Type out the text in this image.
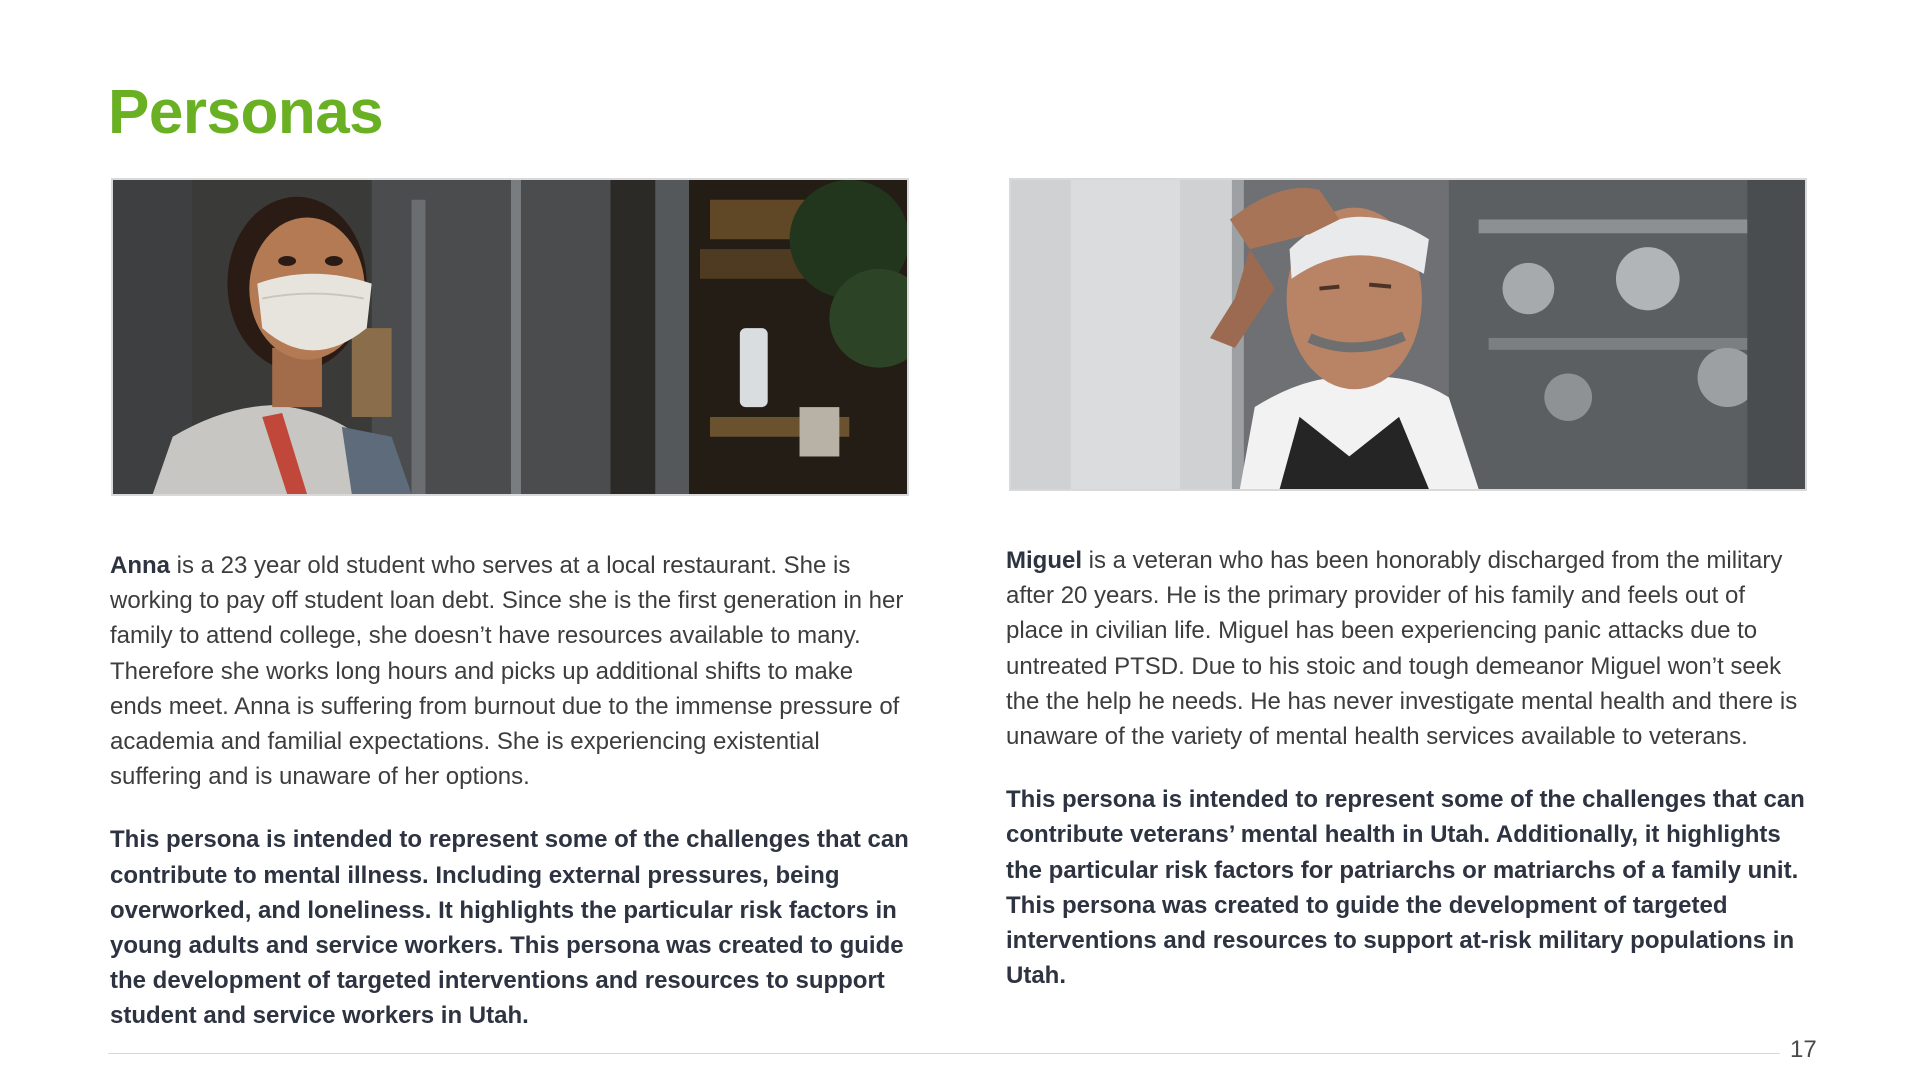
Personas

Anna is a 23 year old student who serves at a local restaurant. She is working to pay off student loan debt. Since she is the first generation in her family to attend college, she doesn’t have resources available to many. Therefore she works long hours and picks up additional shifts to make ends meet. Anna is suffering from burnout due to the immense pressure of academia and familial expectations. She is experiencing existential suffering and is unaware of her options.

This persona is intended to represent some of the challenges that can contribute to mental illness. Including external pressures, being overworked, and loneliness. It highlights the particular risk factors in young adults and service workers. This persona was created to guide the development of targeted interventions and resources to support student and service workers in Utah.

Miguel is a veteran who has been honorably discharged from the military after 20 years. He is the primary provider of his family and feels out of place in civilian life. Miguel has been experiencing panic attacks due to untreated PTSD. Due to his stoic and tough demeanor Miguel won’t seek the the help he needs. He has never investigate mental health and there is unaware of the variety of mental health services available to veterans.

This persona is intended to represent some of the challenges that can contribute veterans’ mental health in Utah. Additionally, it highlights the particular risk factors for patriarchs or matriarchs of a family unit. This persona was created to guide the development of targeted interventions and resources to support at-risk military populations in Utah.

17
